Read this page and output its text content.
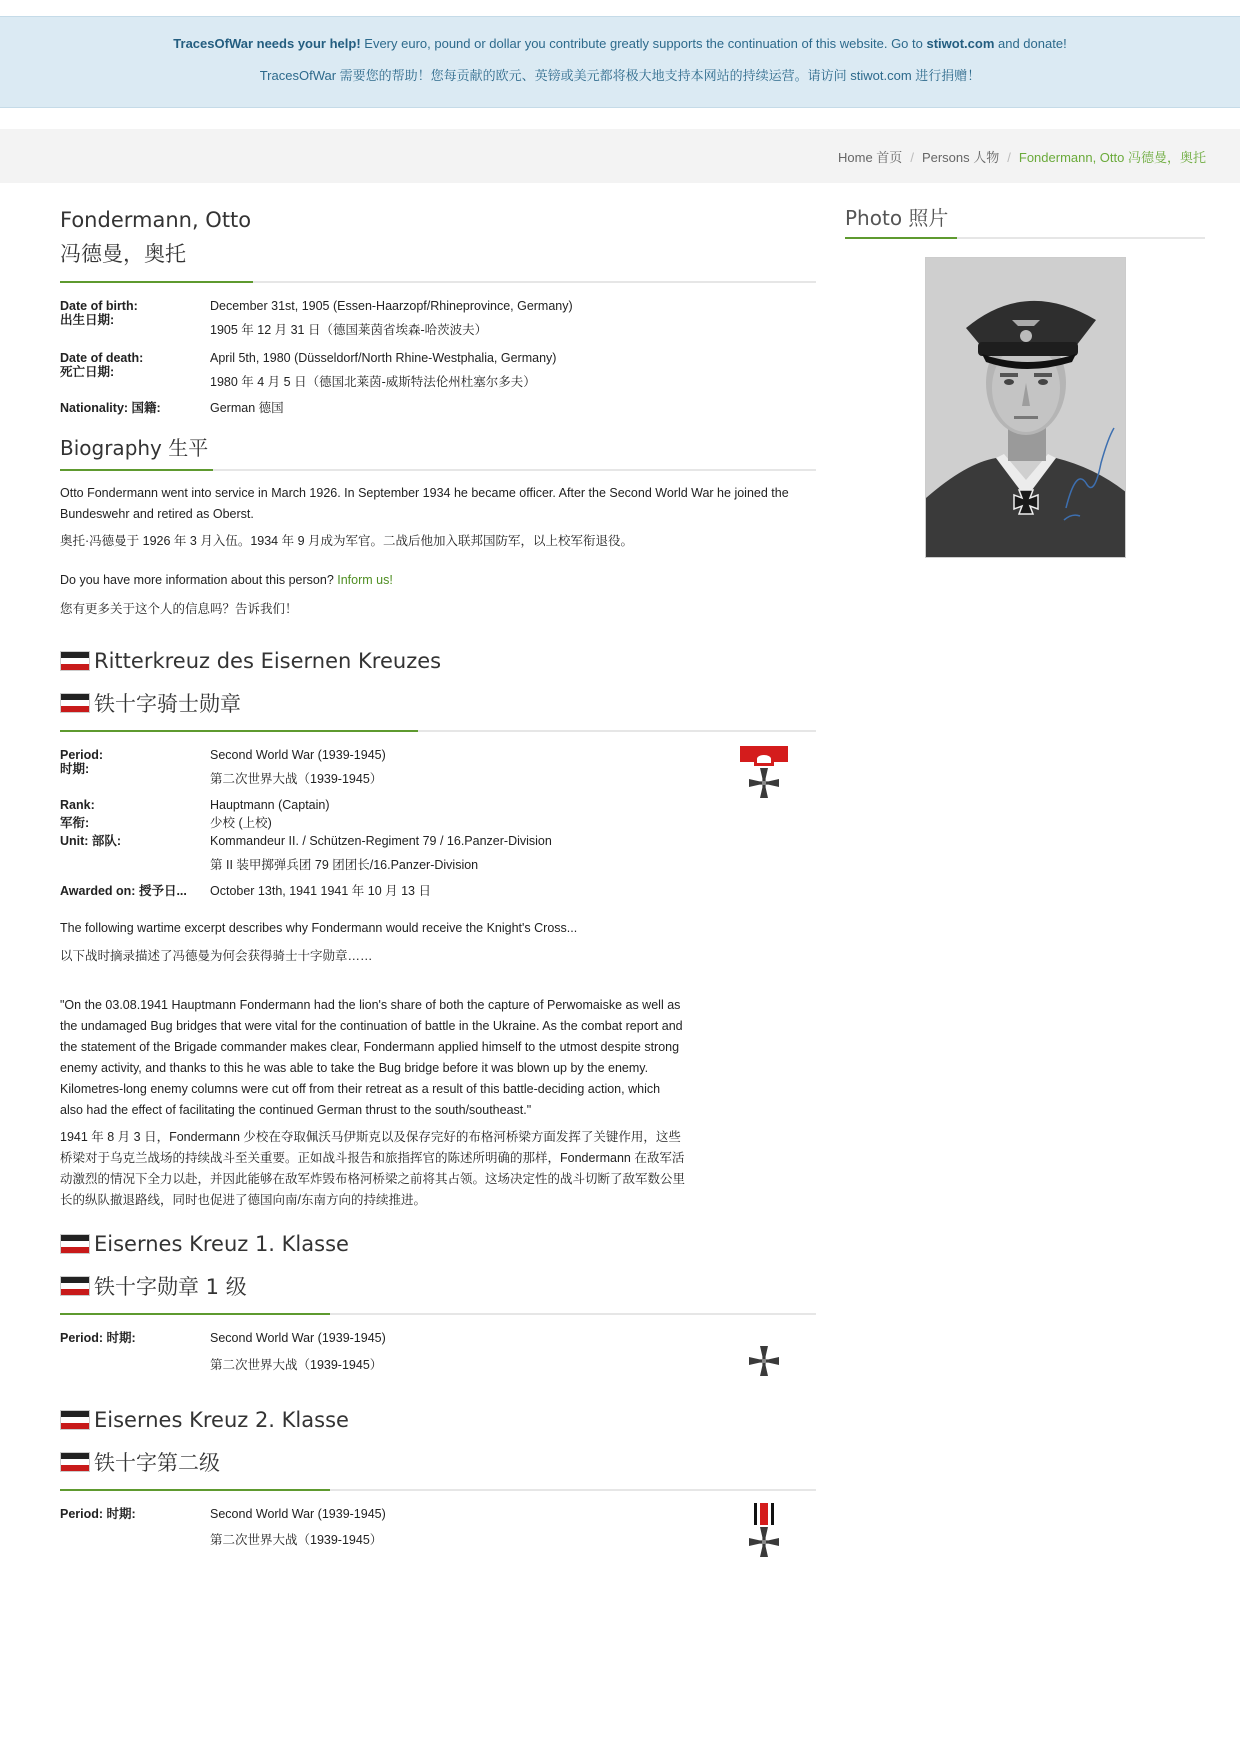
TracesOfWar needs your help! Every euro, pound or dollar you contribute greatly supports the continuation of this website. Go to stiwot.com and donate!
TracesOfWar 需要您的帮助！您每贡献的欧元、英镑或美元都将极大地支持本网站的持续运营。请访问 stiwot.com 进行捐赠！
Home 首页 / Persons 人物 / Fondermann, Otto 冯德曼，奥托
Fondermann, Otto
冯德曼，奥托
Date of birth:	December 31st, 1905 (Essen-Haarzopf/Rhineprovince, Germany)
出生日期:
1905 年 12 月 31 日（德国莱茵省埃森-哈茨波夫）
Date of death:	April 5th, 1980 (Düsseldorf/North Rhine-Westphalia, Germany)
死亡日期:
1980 年 4 月 5 日（德国北莱茵-威斯特法伦州杜塞尔多夫）
Nationality: 国籍:	German 德国
Biography 生平

Otto Fondermann went into service in March 1926. In September 1934 he became officer. After the Second World War he joined the Bundeswehr and retired as Oberst.

奥托·冯德曼于 1926 年 3 月入伍。1934 年 9 月成为军官。二战后他加入联邦国防军，以上校军衔退役。

Do you have more information about this person? Inform us!

您有更多关于这个人的信息吗？告诉我们！

Ritterkreuz des Eisernen Kreuzes
铁十字骑士勋章
Period:	Second World War (1939-1945)
时期:
第二次世界大战（1939-1945）
Rank:	Hauptmann (Captain)
军衔:	少校 (上校)
Unit: 部队:	Kommandeur II. / Schützen-Regiment 79 / 16.Panzer-Division
第 II 装甲掷弹兵团 79 团团长/16.Panzer-Division
Awarded on: 授予日...	October 13th, 1941 1941 年 10 月 13 日

The following wartime excerpt describes why Fondermann would receive the Knight's Cross...

以下战时摘录描述了冯德曼为何会获得骑士十字勋章……

"On the 03.08.1941 Hauptmann Fondermann had the lion's share of both the capture of Perwomaiske as well as the undamaged Bug bridges that were vital for the continuation of battle in the Ukraine. As the combat report and the statement of the Brigade commander makes clear, Fondermann applied himself to the utmost despite strong enemy activity, and thanks to this he was able to take the Bug bridge before it was blown up by the enemy. Kilometres-long enemy columns were cut off from their retreat as a result of this battle-deciding action, which also had the effect of facilitating the continued German thrust to the south/southeast."

1941 年 8 月 3 日，Fondermann 少校在夺取佩沃马伊斯克以及保存完好的布格河桥梁方面发挥了关键作用，这些桥梁对于乌克兰战场的持续战斗至关重要。正如战斗报告和旅指挥官的陈述所明确的那样，Fondermann 在敌军活动激烈的情况下全力以赴，并因此能够在敌军炸毁布格河桥梁之前将其占领。这场决定性的战斗切断了敌军数公里长的纵队撤退路线，同时也促进了德国向南/东南方向的持续推进。

Eisernes Kreuz 1. Klasse
铁十字勋章 1 级
Period: 时期:	Second World War (1939-1945)
第二次世界大战（1939-1945）
Eisernes Kreuz 2. Klasse
铁十字第二级
Period: 时期:	Second World War (1939-1945)
第二次世界大战（1939-1945）
Photo 照片
